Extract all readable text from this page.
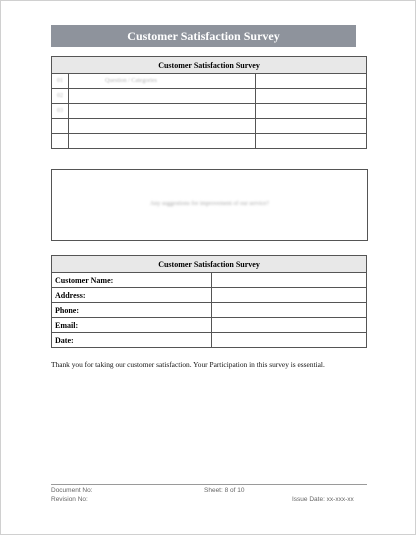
Customer Satisfaction Survey
Customer Satisfaction Survey		
01	Question / Categories	
02		
03		

Any suggestions for improvement of our service?
Customer Satisfaction Survey	
Customer Name:	
Address:	
Phone:	
Email:	
Date:	
Thank you for taking our customer satisfaction. Your Participation in this survey is essential.
Document No:	Sheet: 8 of 10
Revision No:	Issue Date: xx-xxx-xx
